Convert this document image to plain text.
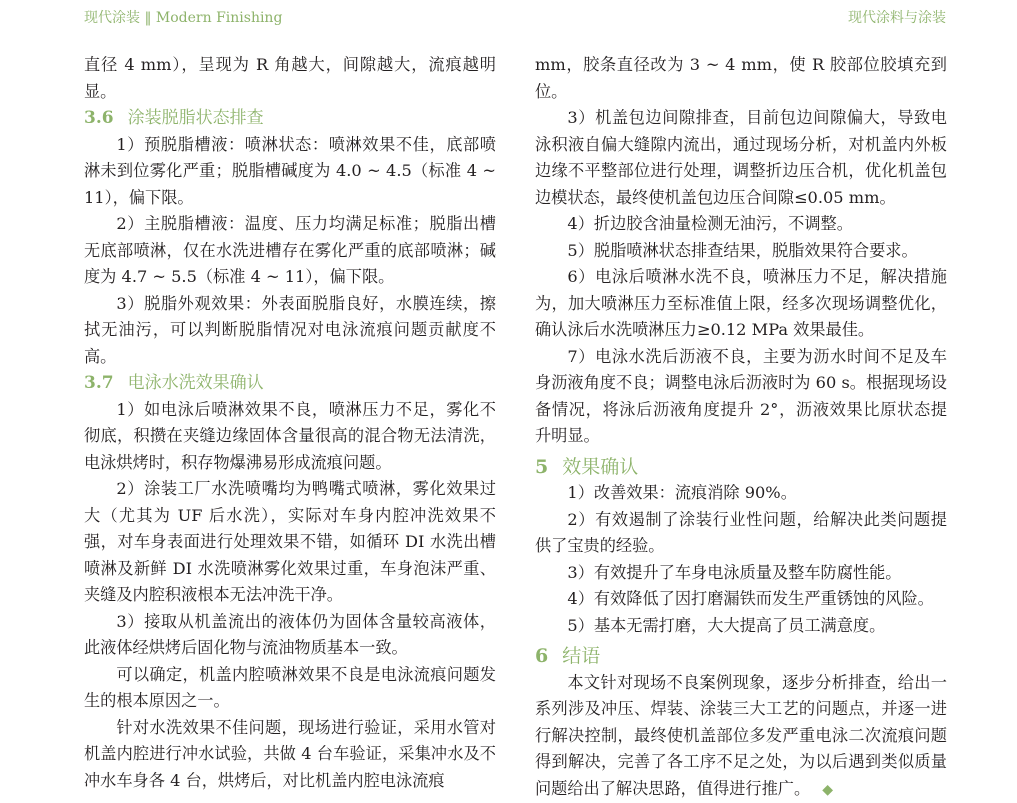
现代涂装 ‖ Modern Finishing	现代涂料与涂装

直径 4 mm），呈现为 R 角越大，间隙越大，流痕越明显。

3.6 涂装脱脂状态排查

1）预脱脂槽液：喷淋状态：喷淋效果不佳，底部喷淋未到位雾化严重；脱脂槽碱度为 4.0 ~ 4.5（标准 4 ~ 11），偏下限。

2）主脱脂槽液：温度、压力均满足标准；脱脂出槽无底部喷淋，仅在水洗进槽存在雾化严重的底部喷淋；碱度为 4.7 ~ 5.5（标准 4 ~ 11），偏下限。

3）脱脂外观效果：外表面脱脂良好，水膜连续，擦拭无油污，可以判断脱脂情况对电泳流痕问题贡献度不高。

3.7 电泳水洗效果确认

1）如电泳后喷淋效果不良，喷淋压力不足，雾化不彻底，积攒在夹缝边缘固体含量很高的混合物无法清洗，电泳烘烤时，积存物爆沸易形成流痕问题。

2）涂装工厂水洗喷嘴均为鸭嘴式喷淋，雾化效果过大（尤其为 UF 后水洗），实际对车身内腔冲洗效果不强，对车身表面进行处理效果不错，如循环 DI 水洗出槽喷淋及新鲜 DI 水洗喷淋雾化效果过重，车身泡沫严重、夹缝及内腔积液根本无法冲洗干净。

3）接取从机盖流出的液体仍为固体含量较高液体，此液体经烘烤后固化物与流油物质基本一致。

可以确定，机盖内腔喷淋效果不良是电泳流痕问题发生的根本原因之一。

针对水洗效果不佳问题，现场进行验证，采用水管对机盖内腔进行冲水试验，共做 4 台车验证，采集冲水及不冲水车身各 4 台，烘烤后，对比机盖内腔电泳流痕

mm，胶条直径改为 3 ~ 4 mm，使 R 胶部位胶填充到位。

3）机盖包边间隙排查，目前包边间隙偏大，导致电泳积液自偏大缝隙内流出，通过现场分析，对机盖内外板边缘不平整部位进行处理，调整折边压合机，优化机盖包边模状态，最终使机盖包边压合间隙≤0.05 mm。

4）折边胶含油量检测无油污，不调整。

5）脱脂喷淋状态排查结果，脱脂效果符合要求。

6）电泳后喷淋水洗不良，喷淋压力不足，解决措施为，加大喷淋压力至标准值上限，经多次现场调整优化，确认泳后水洗喷淋压力≥0.12 MPa 效果最佳。

7）电泳水洗后沥液不良，主要为沥水时间不足及车身沥液角度不良；调整电泳后沥液时为 60 s。根据现场设备情况，将泳后沥液角度提升 2°，沥液效果比原状态提升明显。

5 效果确认

1）改善效果：流痕消除 90%。

2）有效遏制了涂装行业性问题，给解决此类问题提供了宝贵的经验。

3）有效提升了车身电泳质量及整车防腐性能。

4）有效降低了因打磨漏铁而发生严重锈蚀的风险。

5）基本无需打磨，大大提高了员工满意度。

6 结语

本文针对现场不良案例现象，逐步分析排查，给出一系列涉及冲压、焊装、涂装三大工艺的问题点，并逐一进行解决控制，最终使机盖部位多发严重电泳二次流痕问题得到解决，完善了各工序不足之处，为以后遇到类似质量问题给出了解决思路，值得进行推广。 ◆
